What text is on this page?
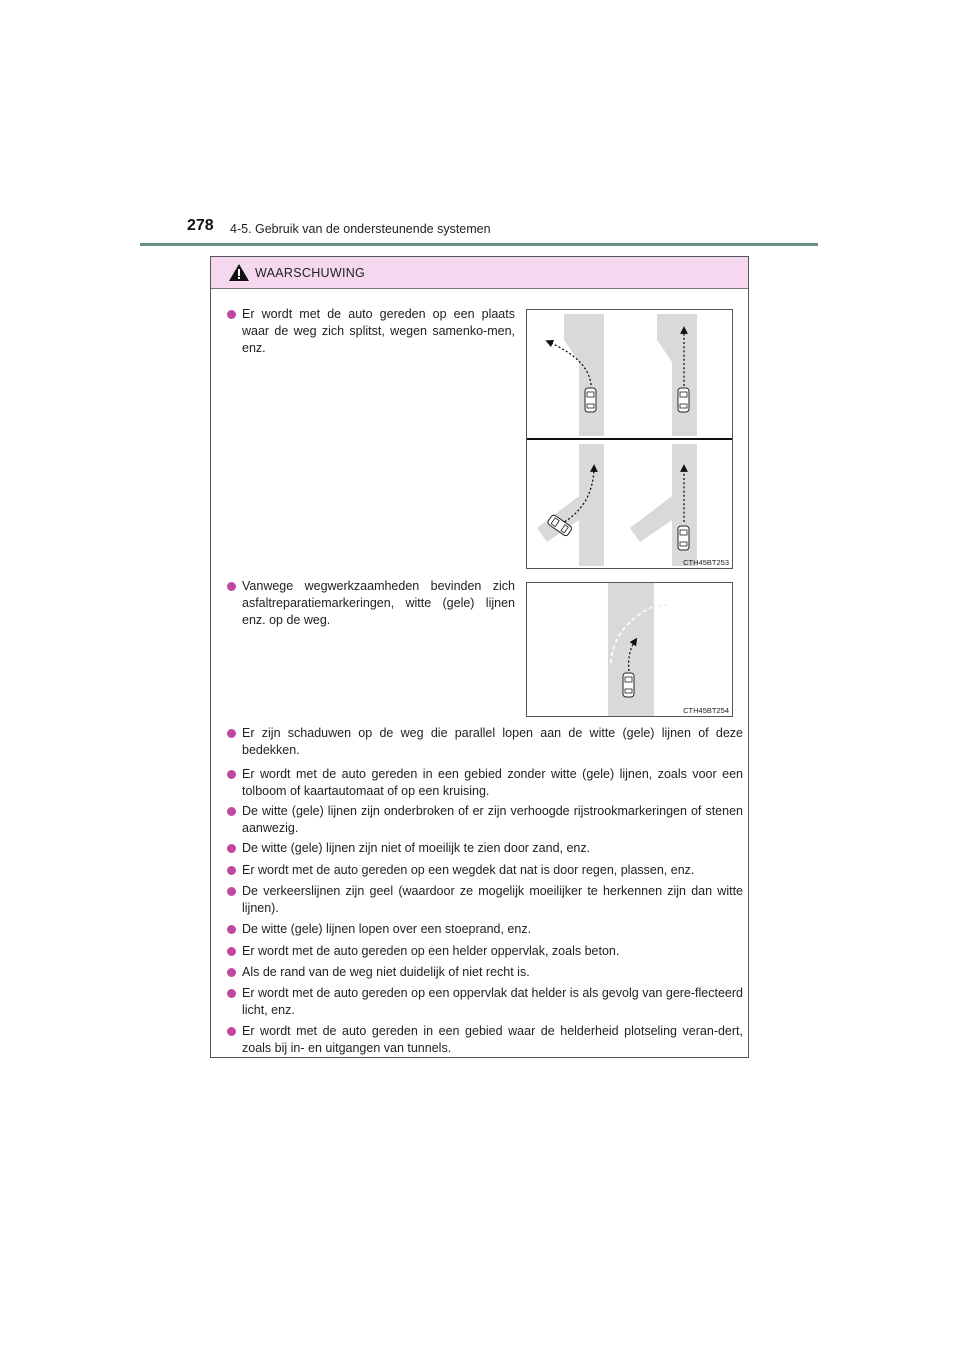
278 4-5. Gebruik van de ondersteunende systemen
WAARSCHUWING
Er wordt met de auto gereden op een plaats waar de weg zich splitst, wegen samenko-men, enz.
CTH45BT253
Vanwege wegwerkzaamheden bevinden zich asfaltreparatiemarkeringen, witte (gele) lijnen enz. op de weg.
CTH45BT254
Er zijn schaduwen op de weg die parallel lopen aan de witte (gele) lijnen of deze bedekken.
Er wordt met de auto gereden in een gebied zonder witte (gele) lijnen, zoals voor een tolboom of kaartautomaat of op een kruising.
De witte (gele) lijnen zijn onderbroken of er zijn verhoogde rijstrookmarkeringen of stenen aanwezig.
De witte (gele) lijnen zijn niet of moeilijk te zien door zand, enz.
Er wordt met de auto gereden op een wegdek dat nat is door regen, plassen, enz.
De verkeerslijnen zijn geel (waardoor ze mogelijk moeilijker te herkennen zijn dan witte lijnen).
De witte (gele) lijnen lopen over een stoeprand, enz.
Er wordt met de auto gereden op een helder oppervlak, zoals beton.
Als de rand van de weg niet duidelijk of niet recht is.
Er wordt met de auto gereden op een oppervlak dat helder is als gevolg van gere-flecteerd licht, enz.
Er wordt met de auto gereden in een gebied waar de helderheid plotseling veran-dert, zoals bij in- en uitgangen van tunnels.
